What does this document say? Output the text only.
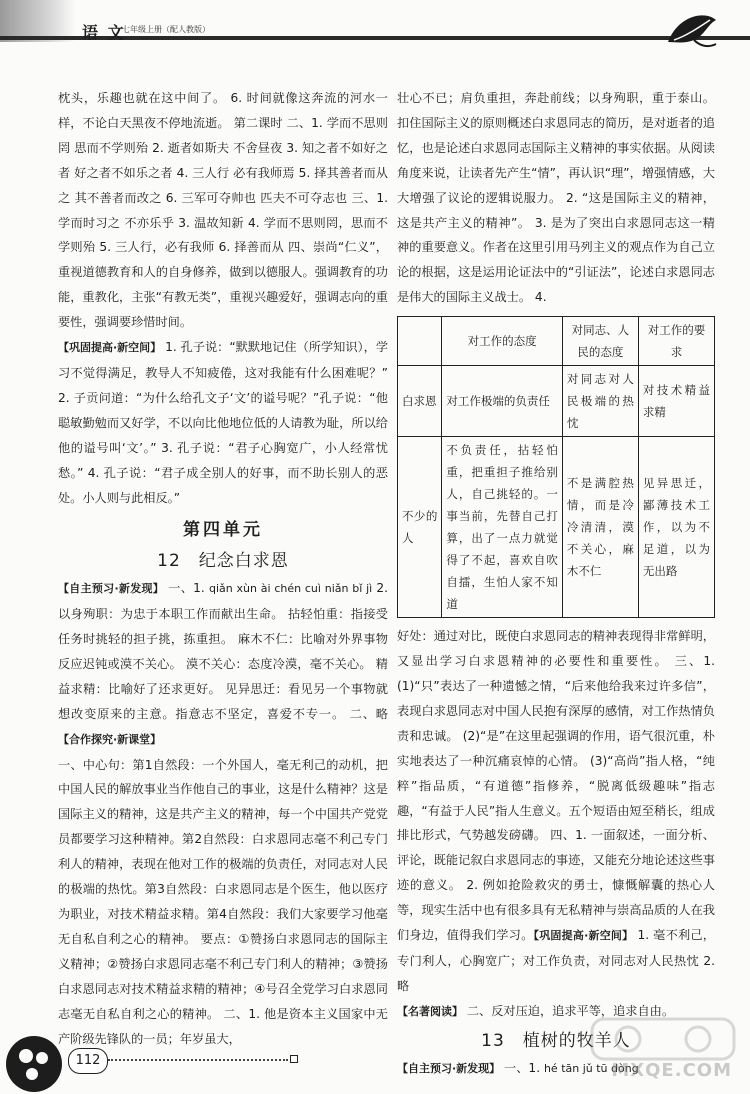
语 文
七年级上册（配人教版）

枕头，乐趣也就在这中间了。 6. 时间就像这奔流的河水一样，不论白天黑夜不停地流逝。 第二课时 二、1. 学而不思则罔 思而不学则殆 2. 逝者如斯夫 不舍昼夜 3. 知之者不如好之者 好之者不如乐之者 4. 三人行 必有我师焉 5. 择其善者而从之 其不善者而改之 6. 三军可夺帅也 匹夫不可夺志也 三、1. 学而时习之 不亦乐乎 3. 温故知新 4. 学而不思则罔，思而不学则殆 5. 三人行，必有我师 6. 择善而从 四、崇尚“仁义”，重视道德教育和人的自身修养，做到以德服人。强调教育的功能，重教化，主张“有教无类”，重视兴趣爱好，强调志向的重要性，强调要珍惜时间。

【巩固提高·新空间】 1. 孔子说：“默默地记住（所学知识），学习不觉得满足，教导人不知疲倦，这对我能有什么困难呢？” 2. 子贡问道：“为什么给孔文子‘文’的谥号呢？”孔子说：“他聪敏勤勉而又好学，不以向比他地位低的人请教为耻，所以给他的谥号叫‘文’。” 3. 孔子说：“君子心胸宽广，小人经常忧愁。” 4. 孔子说：“君子成全别人的好事，而不助长别人的恶处。小人则与此相反。”

第四单元
12　纪念白求恩

【自主预习·新发现】 一、1. qiǎn xùn ài chén cuì niǎn bǐ jì 2. 以身殉职：为忠于本职工作而献出生命。 拈轻怕重：指接受任务时挑轻的担子挑，拣重担。 麻木不仁：比喻对外界事物反应迟钝或漠不关心。 漠不关心：态度冷漠，毫不关心。 精益求精：比喻好了还求更好。 见异思迁：看见另一个事物就想改变原来的主意。指意志不坚定，喜爱不专一。 二、略【合作探究·新课堂】

一、中心句：第1自然段：一个外国人，毫无利己的动机，把中国人民的解放事业当作他自己的事业，这是什么精神？这是国际主义的精神，这是共产主义的精神，每一个中国共产党党员都要学习这种精神。第2自然段：白求恩同志毫不利己专门利人的精神，表现在他对工作的极端的负责任，对同志对人民的极端的热忱。第3自然段：白求恩同志是个医生，他以医疗为职业，对技术精益求精。第4自然段：我们大家要学习他毫无自私自利之心的精神。 要点：①赞扬白求恩同志的国际主义精神；②赞扬白求恩同志毫不利己专门利人的精神；③赞扬白求恩同志对技术精益求精的精神；④号召全党学习白求恩同志毫无自私自利之心的精神。 二、1. 他是资本主义国家中无产阶级先锋队的一员；年岁虽大，

壮心不已；肩负重担，奔赴前线；以身殉职，重于泰山。 扣住国际主义的原则概述白求恩同志的简历，是对逝者的追忆，也是论述白求恩同志国际主义精神的事实依据。从阅读角度来说，让读者先产生“情”，再认识“理”，增强情感，大大增强了议论的逻辑说服力。 2. “这是国际主义的精神，这是共产主义的精神”。 3. 是为了突出白求恩同志这一精神的重要意义。作者在这里引用马列主义的观点作为自己立论的根据，这是运用论证法中的“引证法”，论述白求恩同志是伟大的国际主义战士。 4.

	对工作的态度	对同志、人民的态度	对工作的要求
白求恩	对工作极端的负责任	对同志对人民极端的热忱	对技术精益求精
不少的人	不负责任，拈轻怕重，把重担子推给别人，自己挑轻的。一事当前，先替自己打算，出了一点力就觉得了不起，喜欢自吹自擂，生怕人家不知道	不是满腔热情，而是冷冷清清，漠不关心，麻木不仁	见异思迁，鄙薄技术工作，以为不足道，以为无出路

好处：通过对比，既使白求恩同志的精神表现得非常鲜明，又显出学习白求恩精神的必要性和重要性。 三、1. (1)“只”表达了一种遗憾之情，“后来他给我来过许多信”，表现白求恩同志对中国人民抱有深厚的感情，对工作热情负责和忠诚。 (2)“是”在这里起强调的作用，语气很沉重，朴实地表达了一种沉痛哀悼的心情。 (3)“高尚”指人格，“纯粹”指品质，“有道德”指修养，“脱离低级趣味”指志趣，“有益于人民”指人生意义。五个短语由短至稍长，组成排比形式，气势越发磅礴。 四、1. 一面叙述，一面分析、评论，既能记叙白求恩同志的事迹，又能充分地论述这些事迹的意义。 2. 例如抢险救灾的勇士，慷慨解囊的热心人等，现实生活中也有很多具有无私精神与崇高品质的人在我们身边，值得我们学习。【巩固提高·新空间】 1. 毫不利己，专门利人，心胸宽广；对工作负责，对同志对人民热忱 2. 略

【名著阅读】 二、反对压迫，追求平等，追求自由。

13　植树的牧羊人

【自主预习·新发现】 一、1. hé tān jǔ tū dòng

112	MXQE.COM
